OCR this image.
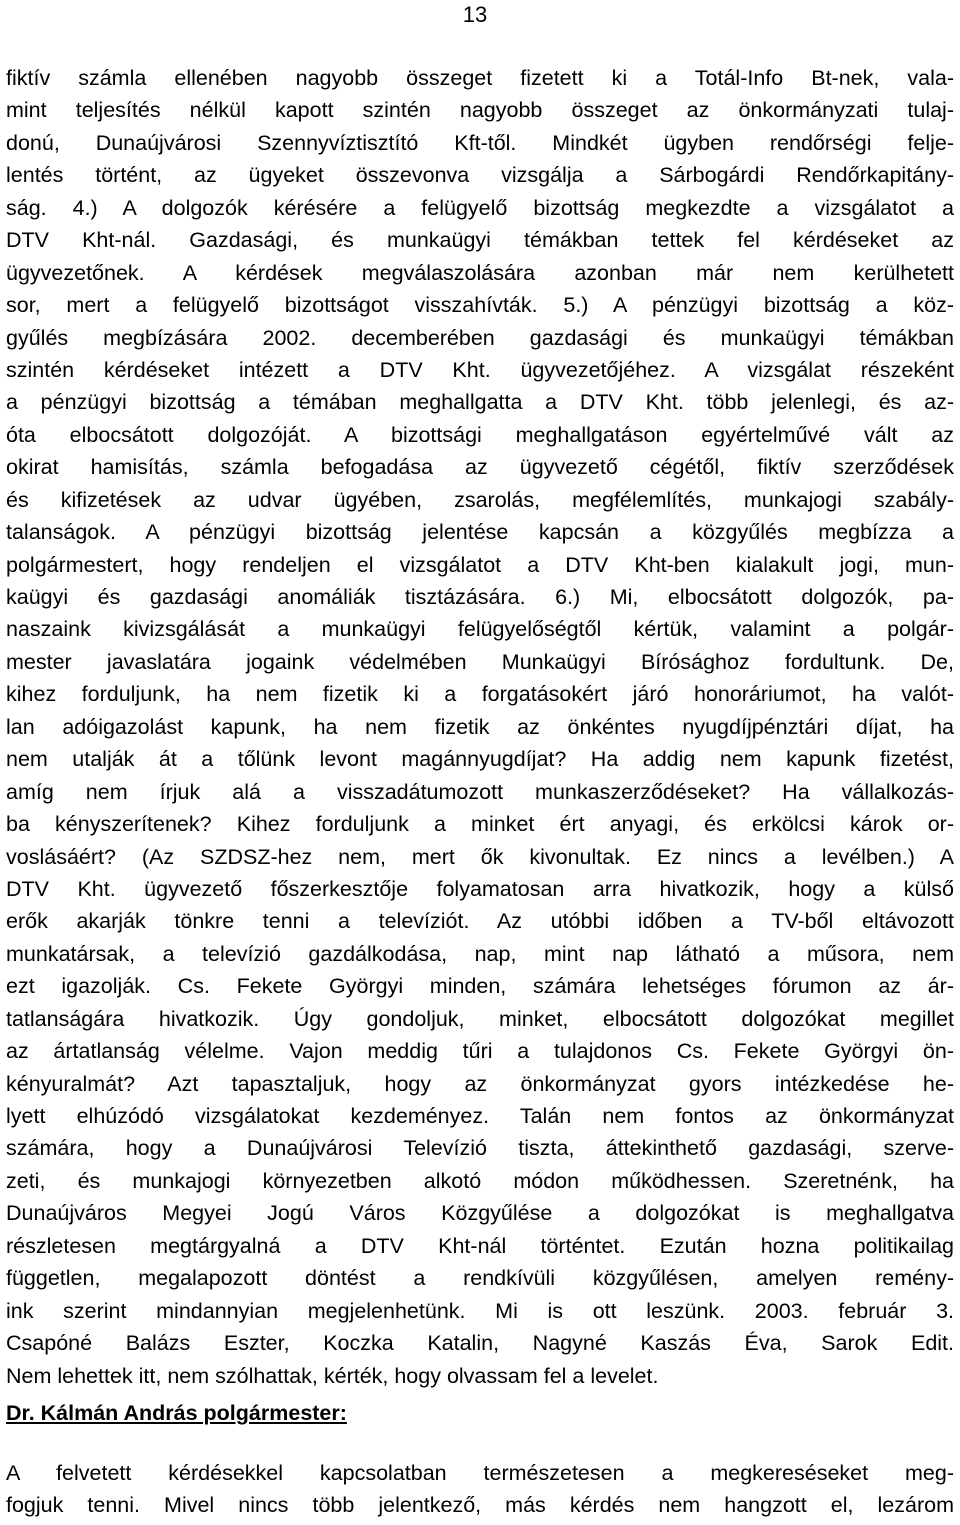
13
fiktív számla ellenében nagyobb összeget fizetett ki a Totál-Info Bt-nek, vala-
mint teljesítés nélkül kapott szintén nagyobb összeget az önkormányzati tulaj-
donú, Dunaújvárosi Szennyvíztisztító Kft-től. Mindkét ügyben rendőrségi felje-
lentés történt, az ügyeket összevonva vizsgálja a Sárbogárdi Rendőrkapitány-
ság. 4.) A dolgozók kérésére a felügyelő bizottság megkezdte a vizsgálatot a
DTV Kht-nál. Gazdasági, és munkaügyi témákban tettek fel kérdéseket az
ügyvezetőnek. A kérdések megválaszolására azonban már nem kerülhetett
sor, mert a felügyelő bizottságot visszahívták. 5.) A pénzügyi bizottság a köz-
gyűlés megbízására 2002. decemberében gazdasági és munkaügyi témákban
szintén kérdéseket intézett a DTV Kht. ügyvezetőjéhez. A vizsgálat részeként
a pénzügyi bizottság a témában meghallgatta a DTV Kht. több jelenlegi, és az-
óta elbocsátott dolgozóját. A bizottsági meghallgatáson egyértelművé vált az
okirat hamisítás, számla befogadása az ügyvezető cégétől, fiktív szerződések
és kifizetések az udvar ügyében, zsarolás, megfélemlítés, munkajogi szabály-
talanságok. A pénzügyi bizottság jelentése kapcsán a közgyűlés megbízza a
polgármestert, hogy rendeljen el vizsgálatot a DTV Kht-ben kialakult jogi, mun-
kaügyi és gazdasági anomáliák tisztázására. 6.) Mi, elbocsátott dolgozók, pa-
naszaink kivizsgálását a munkaügyi felügyelőségtől kértük, valamint a polgár-
mester javaslatára jogaink védelmében Munkaügyi Bírósághoz fordultunk. De,
kihez forduljunk, ha nem fizetik ki a forgatásokért járó honoráriumot, ha valót-
lan adóigazolást kapunk, ha nem fizetik az önkéntes nyugdíjpénztári díjat, ha
nem utalják át a tőlünk levont magánnyugdíjat? Ha addig nem kapunk fizetést,
amíg nem írjuk alá a visszadátumozott munkaszerződéseket? Ha vállalkozás-
ba kényszerítenek? Kihez forduljunk a minket ért anyagi, és erkölcsi károk or-
voslásáért? (Az SZDSZ-hez nem, mert ők kivonultak. Ez nincs a levélben.) A
DTV Kht. ügyvezető főszerkesztője folyamatosan arra hivatkozik, hogy a külső
erők akarják tönkre tenni a televíziót. Az utóbbi időben a TV-ből eltávozott
munkatársak, a televízió gazdálkodása, nap, mint nap látható a műsora, nem
ezt igazolják. Cs. Fekete Györgyi minden, számára lehetséges fórumon az ár-
tatlanságára hivatkozik. Úgy gondoljuk, minket, elbocsátott dolgozókat megillet
az ártatlanság vélelme. Vajon meddig tűri a tulajdonos Cs. Fekete Györgyi ön-
kényuralmát? Azt tapasztaljuk, hogy az önkormányzat gyors intézkedése he-
lyett elhúzódó vizsgálatokat kezdeményez. Talán nem fontos az önkormányzat
számára, hogy a Dunaújvárosi Televízió tiszta, áttekinthető gazdasági, szerve-
zeti, és munkajogi környezetben alkotó módon működhessen. Szeretnénk, ha
Dunaújváros Megyei Jogú Város Közgyűlése a dolgozókat is meghallgatva
részletesen megtárgyalná a DTV Kht-nál történtet. Ezután hozna politikailag
független, megalapozott döntést a rendkívüli közgyűlésen, amelyen remény-
ink szerint mindannyian megjelenhetünk. Mi is ott leszünk. 2003. február 3.
Csapóné Balázs Eszter, Koczka Katalin, Nagyné Kaszás Éva, Sarok Edit.
Nem lehettek itt, nem szólhattak, kérték, hogy olvassam fel a levelet.

Dr. Kálmán András polgármester:

A felvetett kérdésekkel kapcsolatban természetesen a megkereséseket meg-
fogjuk tenni. Mivel nincs több jelentkező, más kérdés nem hangzott el, lezárom
